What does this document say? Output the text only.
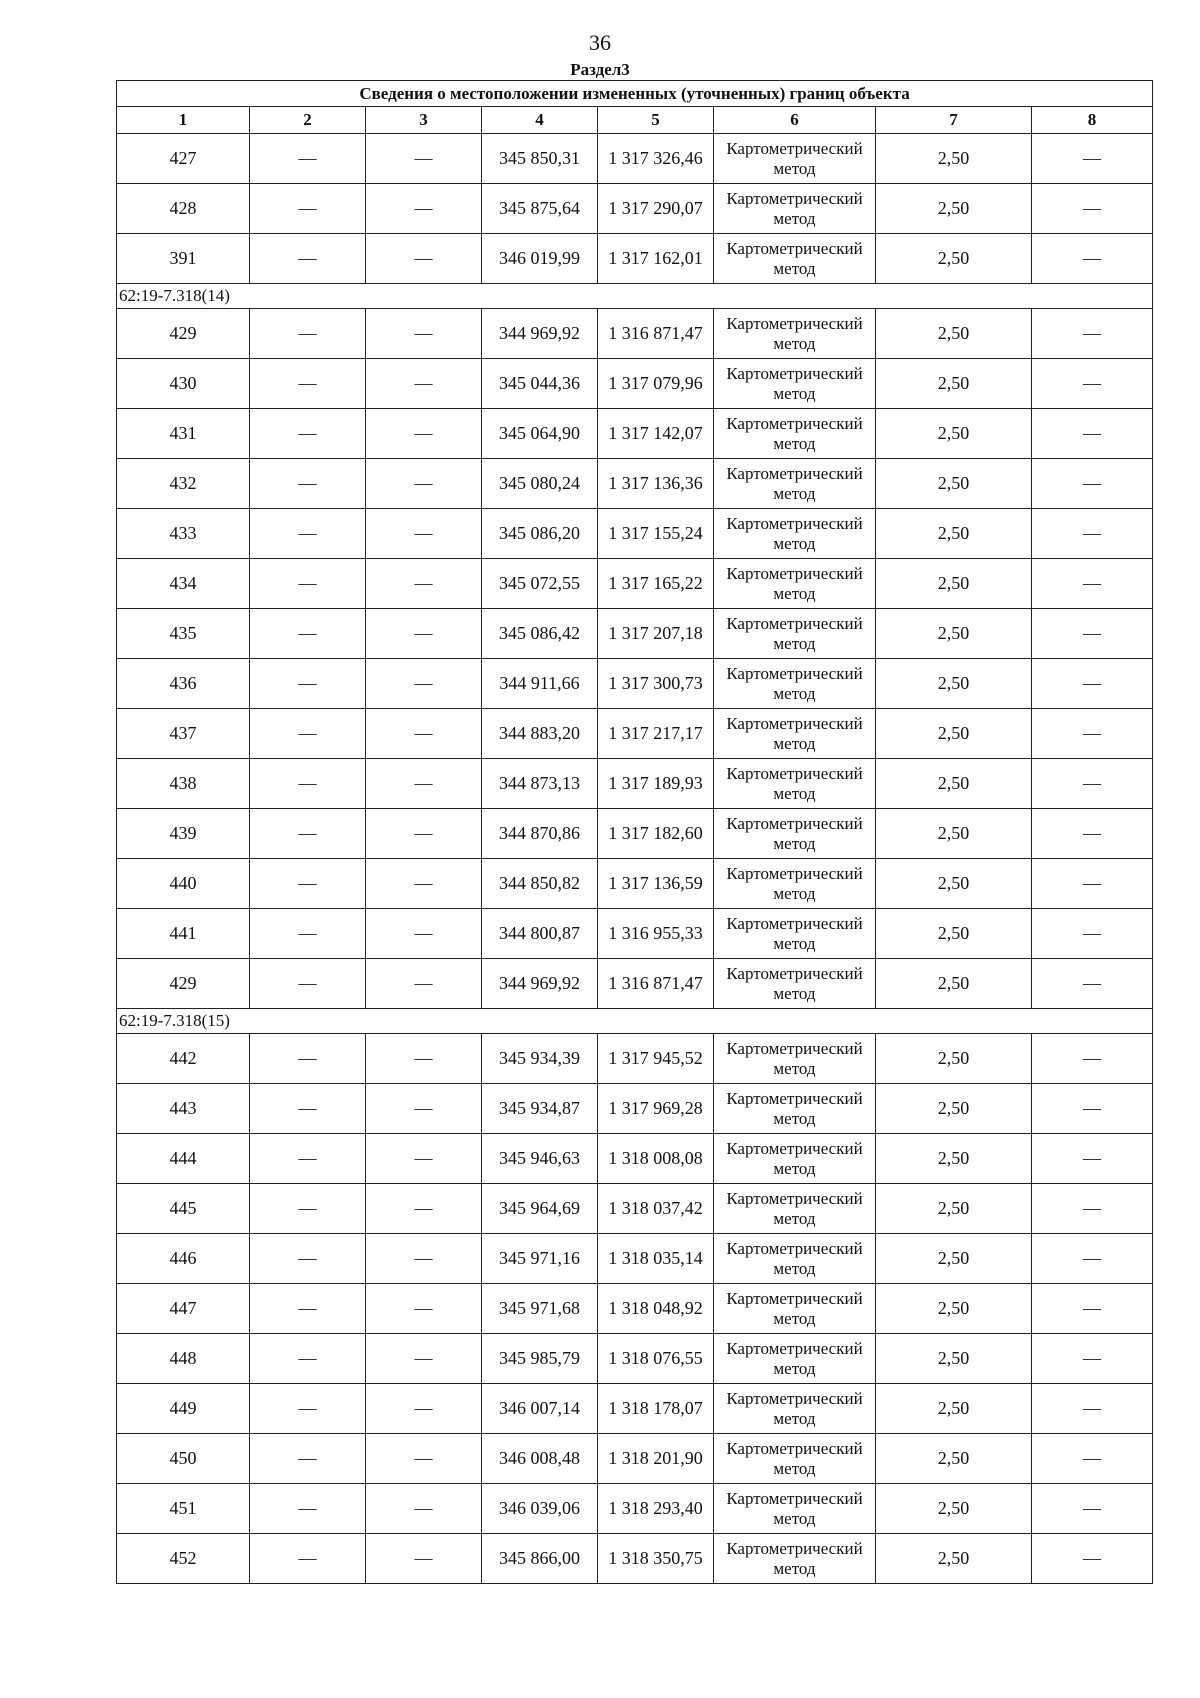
36
Раздел3
Сведения о местоположении измененных (уточненных) границ объекта							
1	2	3	4	5	6	7	8
427	—	—	345 850,31	1 317 326,46	Картометрический метод	2,50	—
428	—	—	345 875,64	1 317 290,07	Картометрический метод	2,50	—
391	—	—	346 019,99	1 317 162,01	Картометрический метод	2,50	—
62:19-7.318(14)							
429	—	—	344 969,92	1 316 871,47	Картометрический метод	2,50	—
430	—	—	345 044,36	1 317 079,96	Картометрический метод	2,50	—
431	—	—	345 064,90	1 317 142,07	Картометрический метод	2,50	—
432	—	—	345 080,24	1 317 136,36	Картометрический метод	2,50	—
433	—	—	345 086,20	1 317 155,24	Картометрический метод	2,50	—
434	—	—	345 072,55	1 317 165,22	Картометрический метод	2,50	—
435	—	—	345 086,42	1 317 207,18	Картометрический метод	2,50	—
436	—	—	344 911,66	1 317 300,73	Картометрический метод	2,50	—
437	—	—	344 883,20	1 317 217,17	Картометрический метод	2,50	—
438	—	—	344 873,13	1 317 189,93	Картометрический метод	2,50	—
439	—	—	344 870,86	1 317 182,60	Картометрический метод	2,50	—
440	—	—	344 850,82	1 317 136,59	Картометрический метод	2,50	—
441	—	—	344 800,87	1 316 955,33	Картометрический метод	2,50	—
429	—	—	344 969,92	1 316 871,47	Картометрический метод	2,50	—
62:19-7.318(15)							
442	—	—	345 934,39	1 317 945,52	Картометрический метод	2,50	—
443	—	—	345 934,87	1 317 969,28	Картометрический метод	2,50	—
444	—	—	345 946,63	1 318 008,08	Картометрический метод	2,50	—
445	—	—	345 964,69	1 318 037,42	Картометрический метод	2,50	—
446	—	—	345 971,16	1 318 035,14	Картометрический метод	2,50	—
447	—	—	345 971,68	1 318 048,92	Картометрический метод	2,50	—
448	—	—	345 985,79	1 318 076,55	Картометрический метод	2,50	—
449	—	—	346 007,14	1 318 178,07	Картометрический метод	2,50	—
450	—	—	346 008,48	1 318 201,90	Картометрический метод	2,50	—
451	—	—	346 039,06	1 318 293,40	Картометрический метод	2,50	—
452	—	—	345 866,00	1 318 350,75	Картометрический метод	2,50	—
